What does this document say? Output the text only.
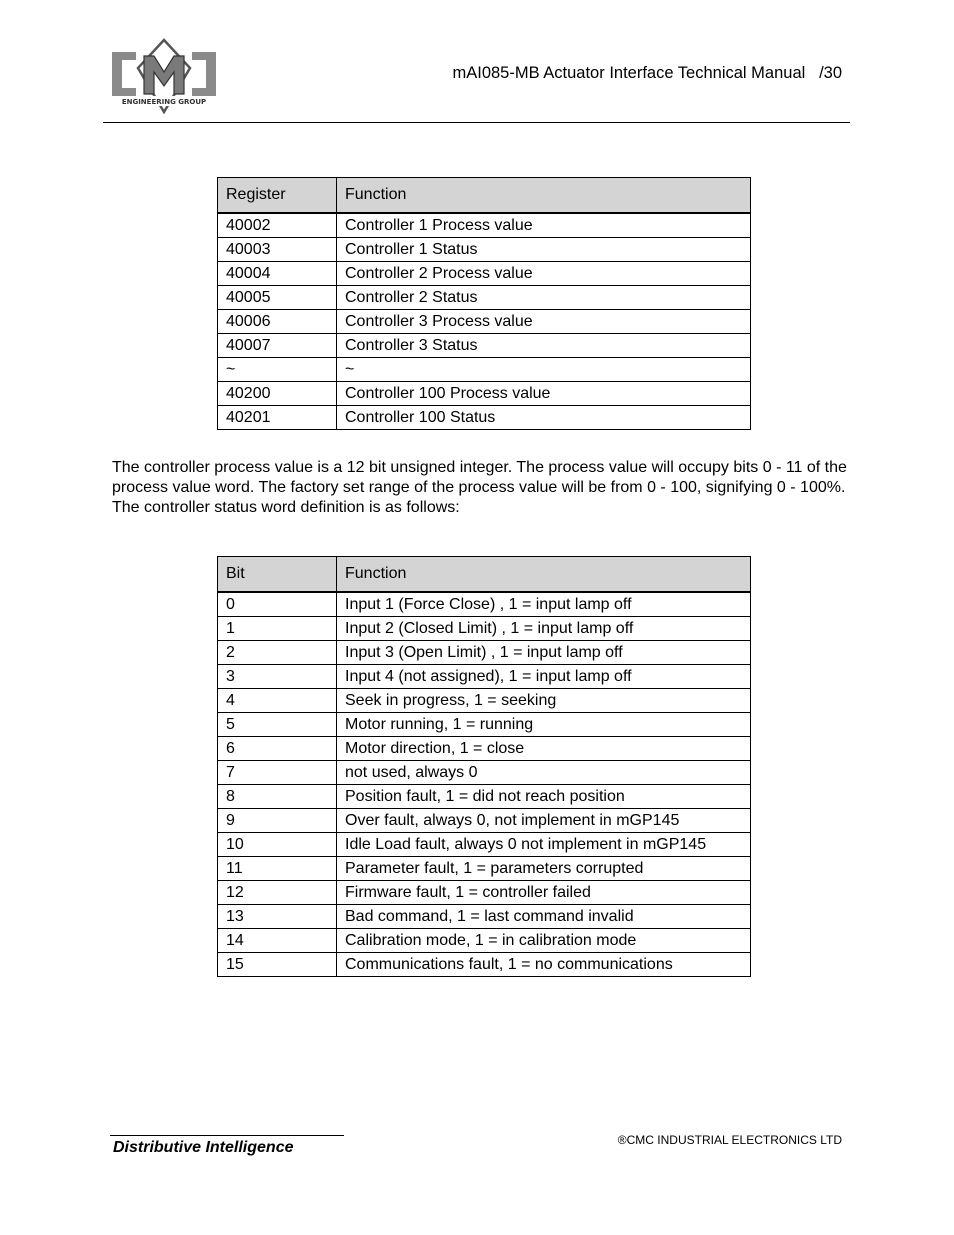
ENGINEERING GROUP
mAI085-MB Actuator Interface Technical Manual /30
Register	Function
40002	Controller 1 Process value
40003	Controller 1 Status
40004	Controller 2 Process value
40005	Controller 2 Status
40006	Controller 3 Process value
40007	Controller 3 Status
~	~
40200	Controller 100 Process value
40201	Controller 100 Status

The controller process value is a 12 bit unsigned integer. The process value will occupy bits 0 - 11 of the process value word. The factory set range of the process value will be from 0 - 100, signifying 0 - 100%. The controller status word definition is as follows:

Bit	Function
0	Input 1 (Force Close) , 1 = input lamp off
1	Input 2 (Closed Limit) , 1 = input lamp off
2	Input 3 (Open Limit) , 1 = input lamp off
3	Input 4 (not assigned), 1 = input lamp off
4	Seek in progress, 1 = seeking
5	Motor running, 1 = running
6	Motor direction, 1 = close
7	not used, always 0
8	Position fault, 1 = did not reach position
9	Over fault, always 0, not implement in mGP145
10	Idle Load fault, always 0 not implement in mGP145
11	Parameter fault, 1 = parameters corrupted
12	Firmware fault, 1 = controller failed
13	Bad command, 1 = last command invalid
14	Calibration mode, 1 = in calibration mode
15	Communications fault, 1 = no communications
Distributive Intelligence	®CMC INDUSTRIAL ELECTRONICS LTD
